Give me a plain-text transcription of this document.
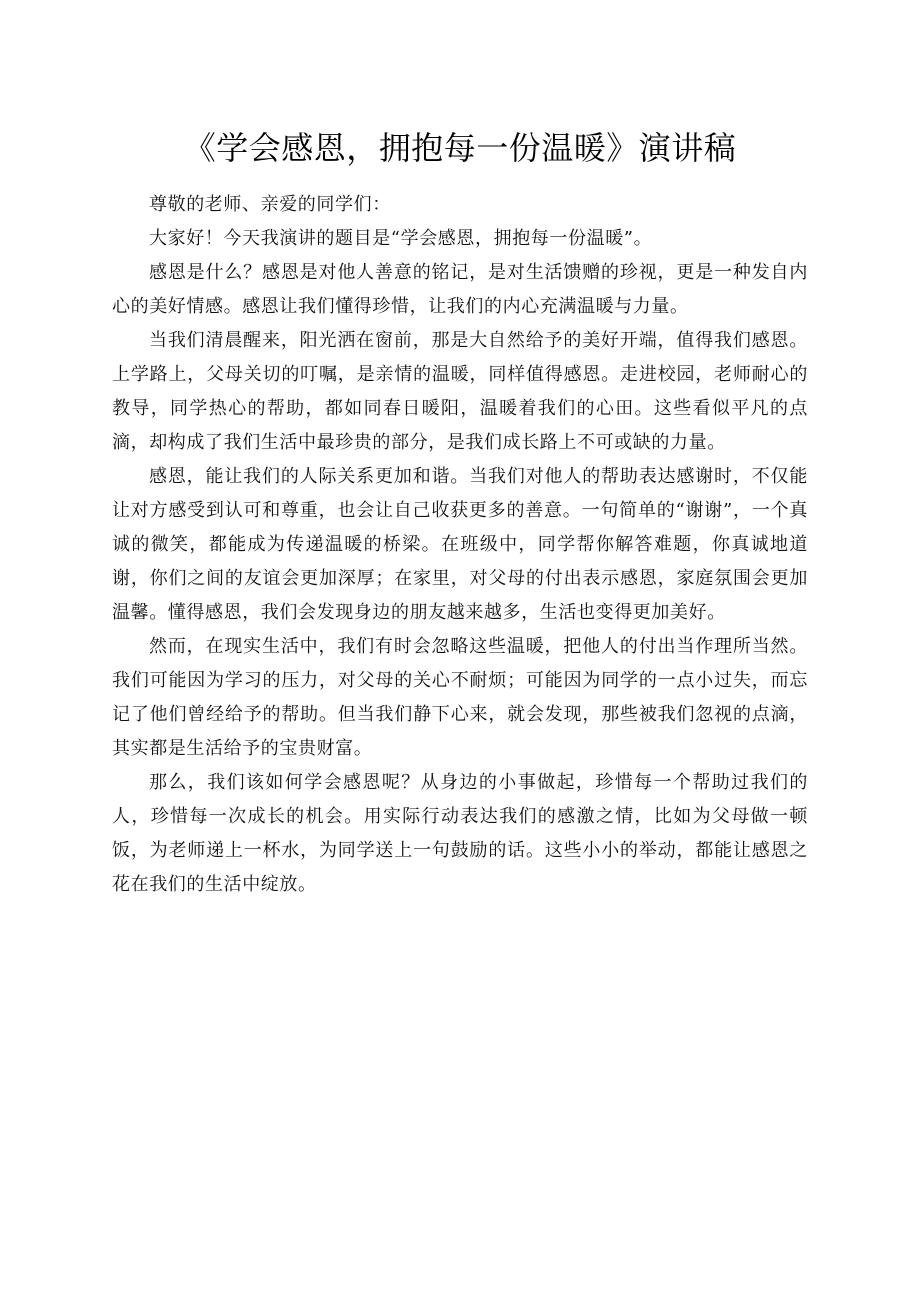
《学会感恩，拥抱每一份温暖》演讲稿

尊敬的老师、亲爱的同学们：

大家好！今天我演讲的题目是“学会感恩，拥抱每一份温暖”。

感恩是什么？感恩是对他人善意的铭记，是对生活馈赠的珍视，更是一种发自内心的美好情感。感恩让我们懂得珍惜，让我们的内心充满温暖与力量。

当我们清晨醒来，阳光洒在窗前，那是大自然给予的美好开端，值得我们感恩。上学路上，父母关切的叮嘱，是亲情的温暖，同样值得感恩。走进校园，老师耐心的教导，同学热心的帮助，都如同春日暖阳，温暖着我们的心田。这些看似平凡的点滴，却构成了我们生活中最珍贵的部分，是我们成长路上不可或缺的力量。

感恩，能让我们的人际关系更加和谐。当我们对他人的帮助表达感谢时，不仅能让对方感受到认可和尊重，也会让自己收获更多的善意。一句简单的“谢谢”，一个真诚的微笑，都能成为传递温暖的桥梁。在班级中，同学帮你解答难题，你真诚地道谢，你们之间的友谊会更加深厚；在家里，对父母的付出表示感恩，家庭氛围会更加温馨。懂得感恩，我们会发现身边的朋友越来越多，生活也变得更加美好。

然而，在现实生活中，我们有时会忽略这些温暖，把他人的付出当作理所当然。我们可能因为学习的压力，对父母的关心不耐烦；可能因为同学的一点小过失，而忘记了他们曾经给予的帮助。但当我们静下心来，就会发现，那些被我们忽视的点滴，其实都是生活给予的宝贵财富。

那么，我们该如何学会感恩呢？从身边的小事做起，珍惜每一个帮助过我们的人，珍惜每一次成长的机会。用实际行动表达我们的感激之情，比如为父母做一顿饭，为老师递上一杯水，为同学送上一句鼓励的话。这些小小的举动，都能让感恩之花在我们的生活中绽放。
